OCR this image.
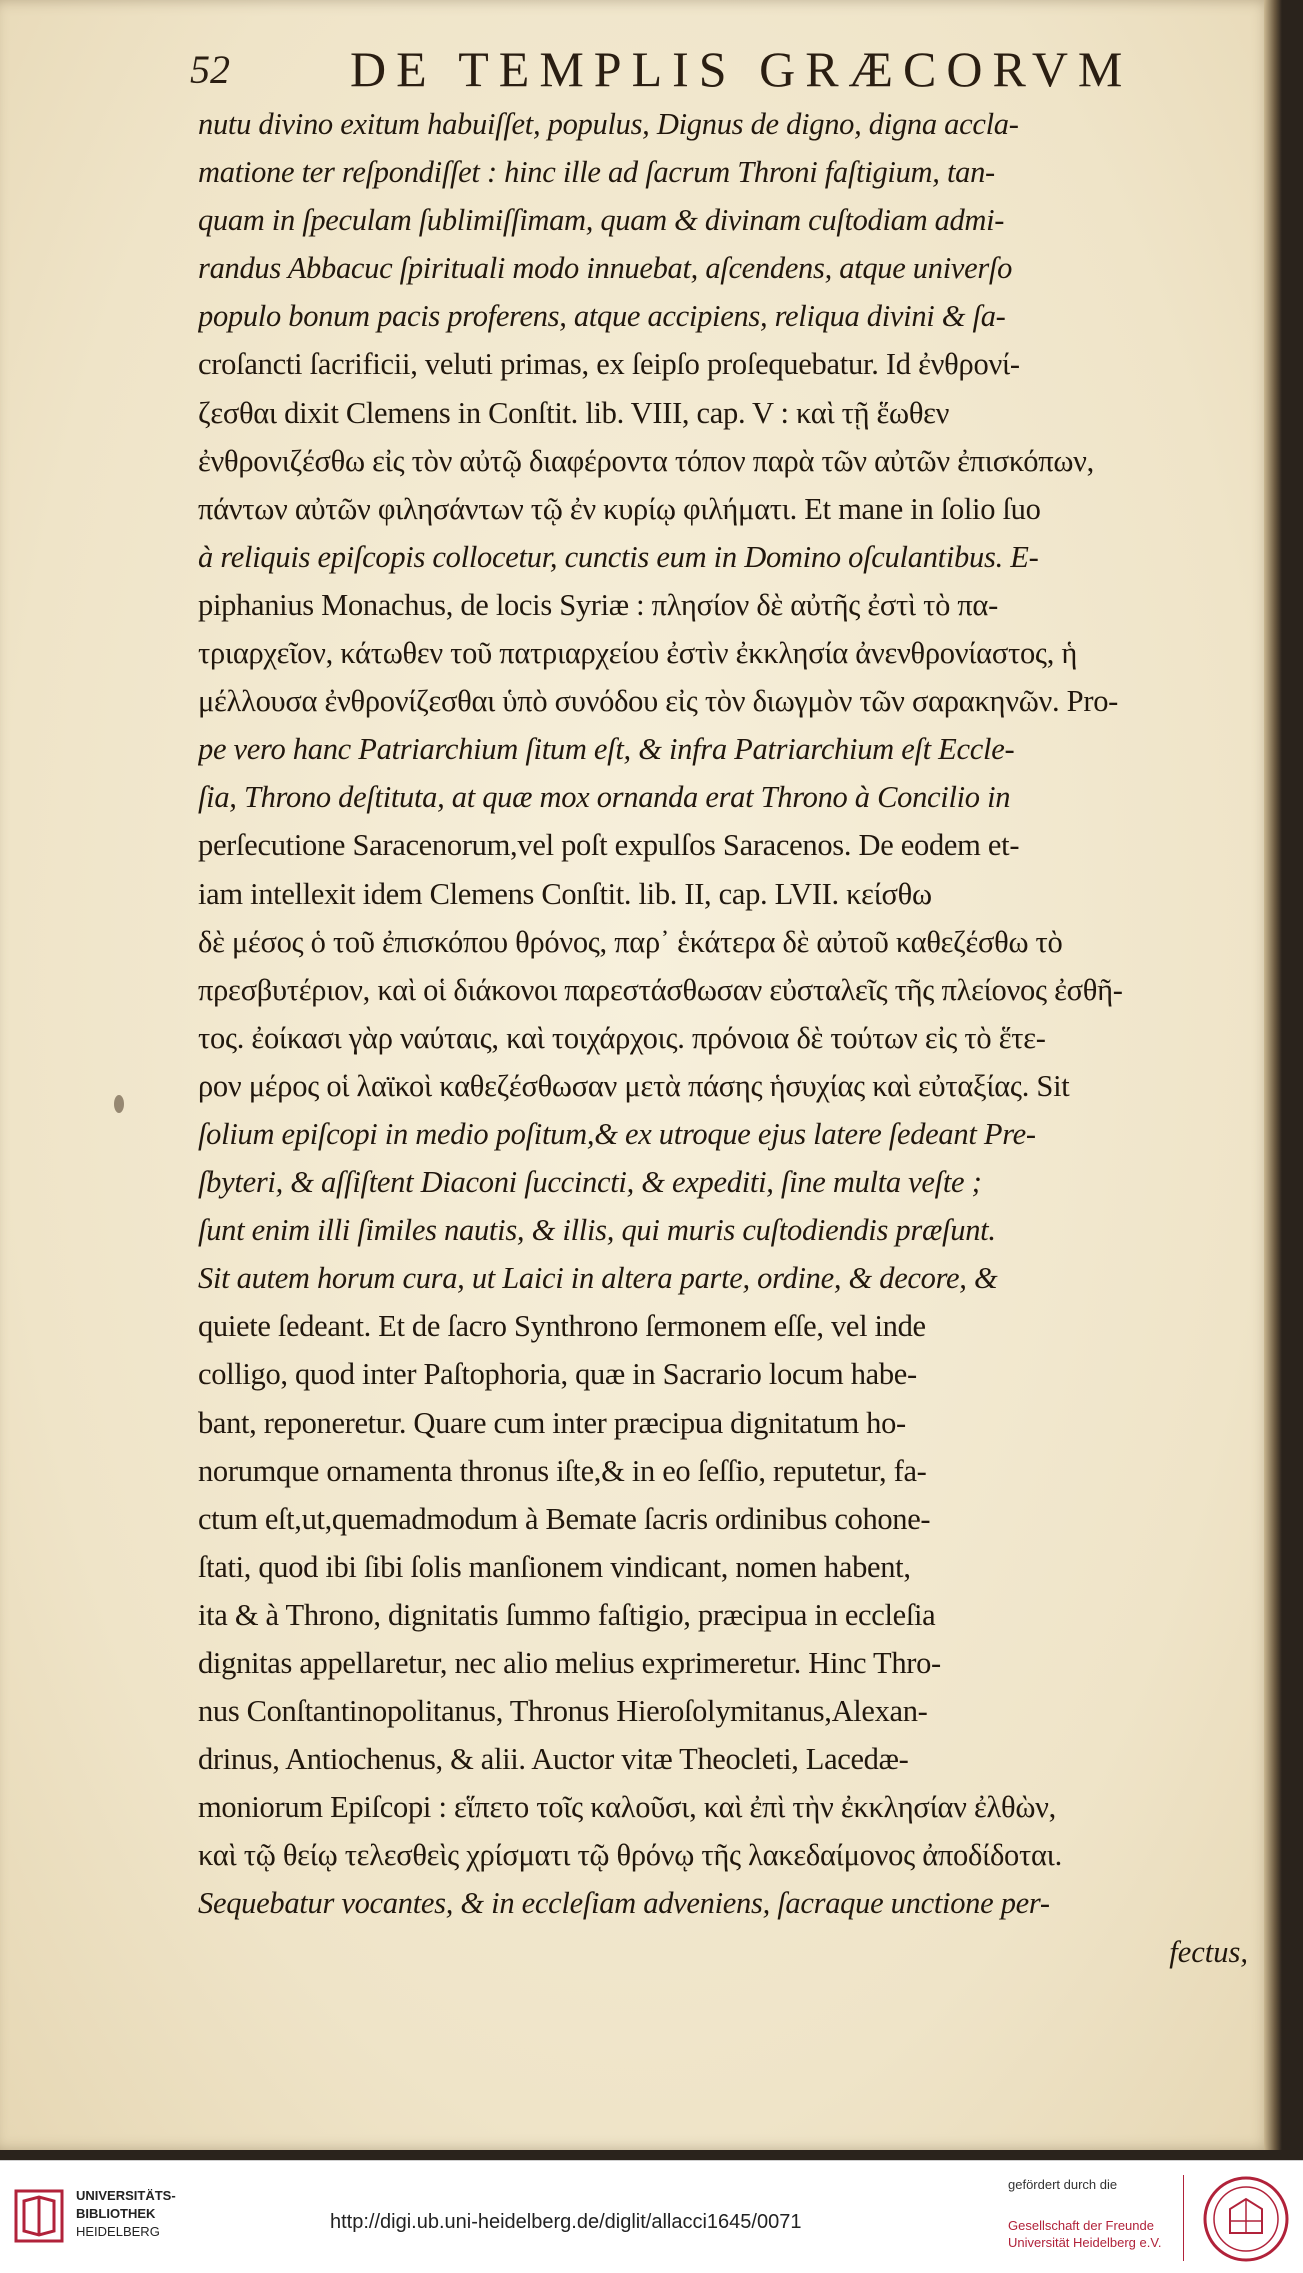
52 DE TEMPLIS GRÆCORVM
nutu divino exitum habuiſſet, populus, Dignus de digno, digna accla-
matione ter reſpondiſſet : hinc ille ad ſacrum Throni faſtigium, tan-
quam in ſpeculam ſublimiſſimam, quam & divinam cuſtodiam admi-
randus Abbacuc ſpirituali modo innuebat, aſcendens, atque univerſo
populo bonum pacis proferens, atque accipiens, reliqua divini & ſa-
croſancti ſacrificii, veluti primas, ex ſeipſo proſequebatur. Id ἐνθρονί-
ζεσθαι dixit Clemens in Conſtit. lib. VIII, cap. V : καὶ τῇ ἕωθεν
ἐνθρονιζέσθω εἰς τὸν αὐτῷ διαφέροντα τόπον παρὰ τῶν αὐτῶν ἐπισκόπων,
πάντων αὐτῶν φιλησάντων τῷ ἐν κυρίῳ φιλήματι. Et mane in ſolio ſuo
à reliquis epiſcopis collocetur, cunctis eum in Domino oſculantibus. E-
piphanius Monachus, de locis Syriæ : πλησίον δὲ αὐτῆς ἐστὶ τὸ πα-
τριαρχεῖον, κάτωθεν τοῦ πατριαρχείου ἐστὶν ἐκκλησία ἀνενθρονίαστος, ἡ
μέλλουσα ἐνθρονίζεσθαι ὑπὸ συνόδου εἰς τὸν διωγμὸν τῶν σαρακηνῶν. Pro-
pe vero hanc Patriarchium ſitum eſt, & infra Patriarchium eſt Eccle-
ſia, Throno deſtituta, at quæ mox ornanda erat Throno à Concilio in
perſecutione Saracenorum,vel poſt expulſos Saracenos. De eodem et-
iam intellexit idem Clemens Conſtit. lib. II, cap. LVII. κείσθω
δὲ μέσος ὁ τοῦ ἐπισκόπου θρόνος, παρ᾽ ἑκάτερα δὲ αὐτοῦ καθεζέσθω τὸ
πρεσβυτέριον, καὶ οἱ διάκονοι παρεστάσθωσαν εὐσταλεῖς τῆς πλείονος ἐσθῆ-
τος. ἐοίκασι γὰρ ναύταις, καὶ τοιχάρχοις. πρόνοια δὲ τούτων εἰς τὸ ἕτε-
ρον μέρος οἱ λαϊκοὶ καθεζέσθωσαν μετὰ πάσης ἡσυχίας καὶ εὐταξίας. Sit
ſolium epiſcopi in medio poſitum,& ex utroque ejus latere ſedeant Pre-
ſbyteri, & aſſiſtent Diaconi ſuccincti, & expediti, ſine multa veſte ;
ſunt enim illi ſimiles nautis, & illis, qui muris cuſtodiendis præſunt.
Sit autem horum cura, ut Laici in altera parte, ordine, & decore, &
quiete ſedeant. Et de ſacro Synthrono ſermonem eſſe, vel inde
colligo, quod inter Paſtophoria, quæ in Sacrario locum habe-
bant, reponeretur. Quare cum inter præcipua dignitatum ho-
norumque ornamenta thronus iſte,& in eo ſeſſio, reputetur, fa-
ctum eſt,ut,quemadmodum à Bemate ſacris ordinibus cohone-
ſtati, quod ibi ſibi ſolis manſionem vindicant, nomen habent,
ita & à Throno, dignitatis ſummo faſtigio, præcipua in eccleſia
dignitas appellaretur, nec alio melius exprimeretur. Hinc Thro-
nus Conſtantinopolitanus, Thronus Hieroſolymitanus,Alexan-
drinus, Antiochenus, & alii. Auctor vitæ Theocleti, Lacedæ-
moniorum Epiſcopi : εἵπετο τοῖς καλοῦσι, καὶ ἐπὶ τὴν ἐκκλησίαν ἐλθὼν,
καὶ τῷ θείῳ τελεσθεὶς χρίσματι τῷ θρόνῳ τῆς λακεδαίμονος ἀποδίδοται.
Sequebatur vocantes, & in eccleſiam adveniens, ſacraque unctione per-
fectus,
UNIVERSITÄTS-
BIBLIOTHEK
HEIDELBERG	http://digi.ub.uni-heidelberg.de/diglit/allacci1645/0071
gefördert durch die
Gesellschaft der Freunde
Universität Heidelberg e.V.
